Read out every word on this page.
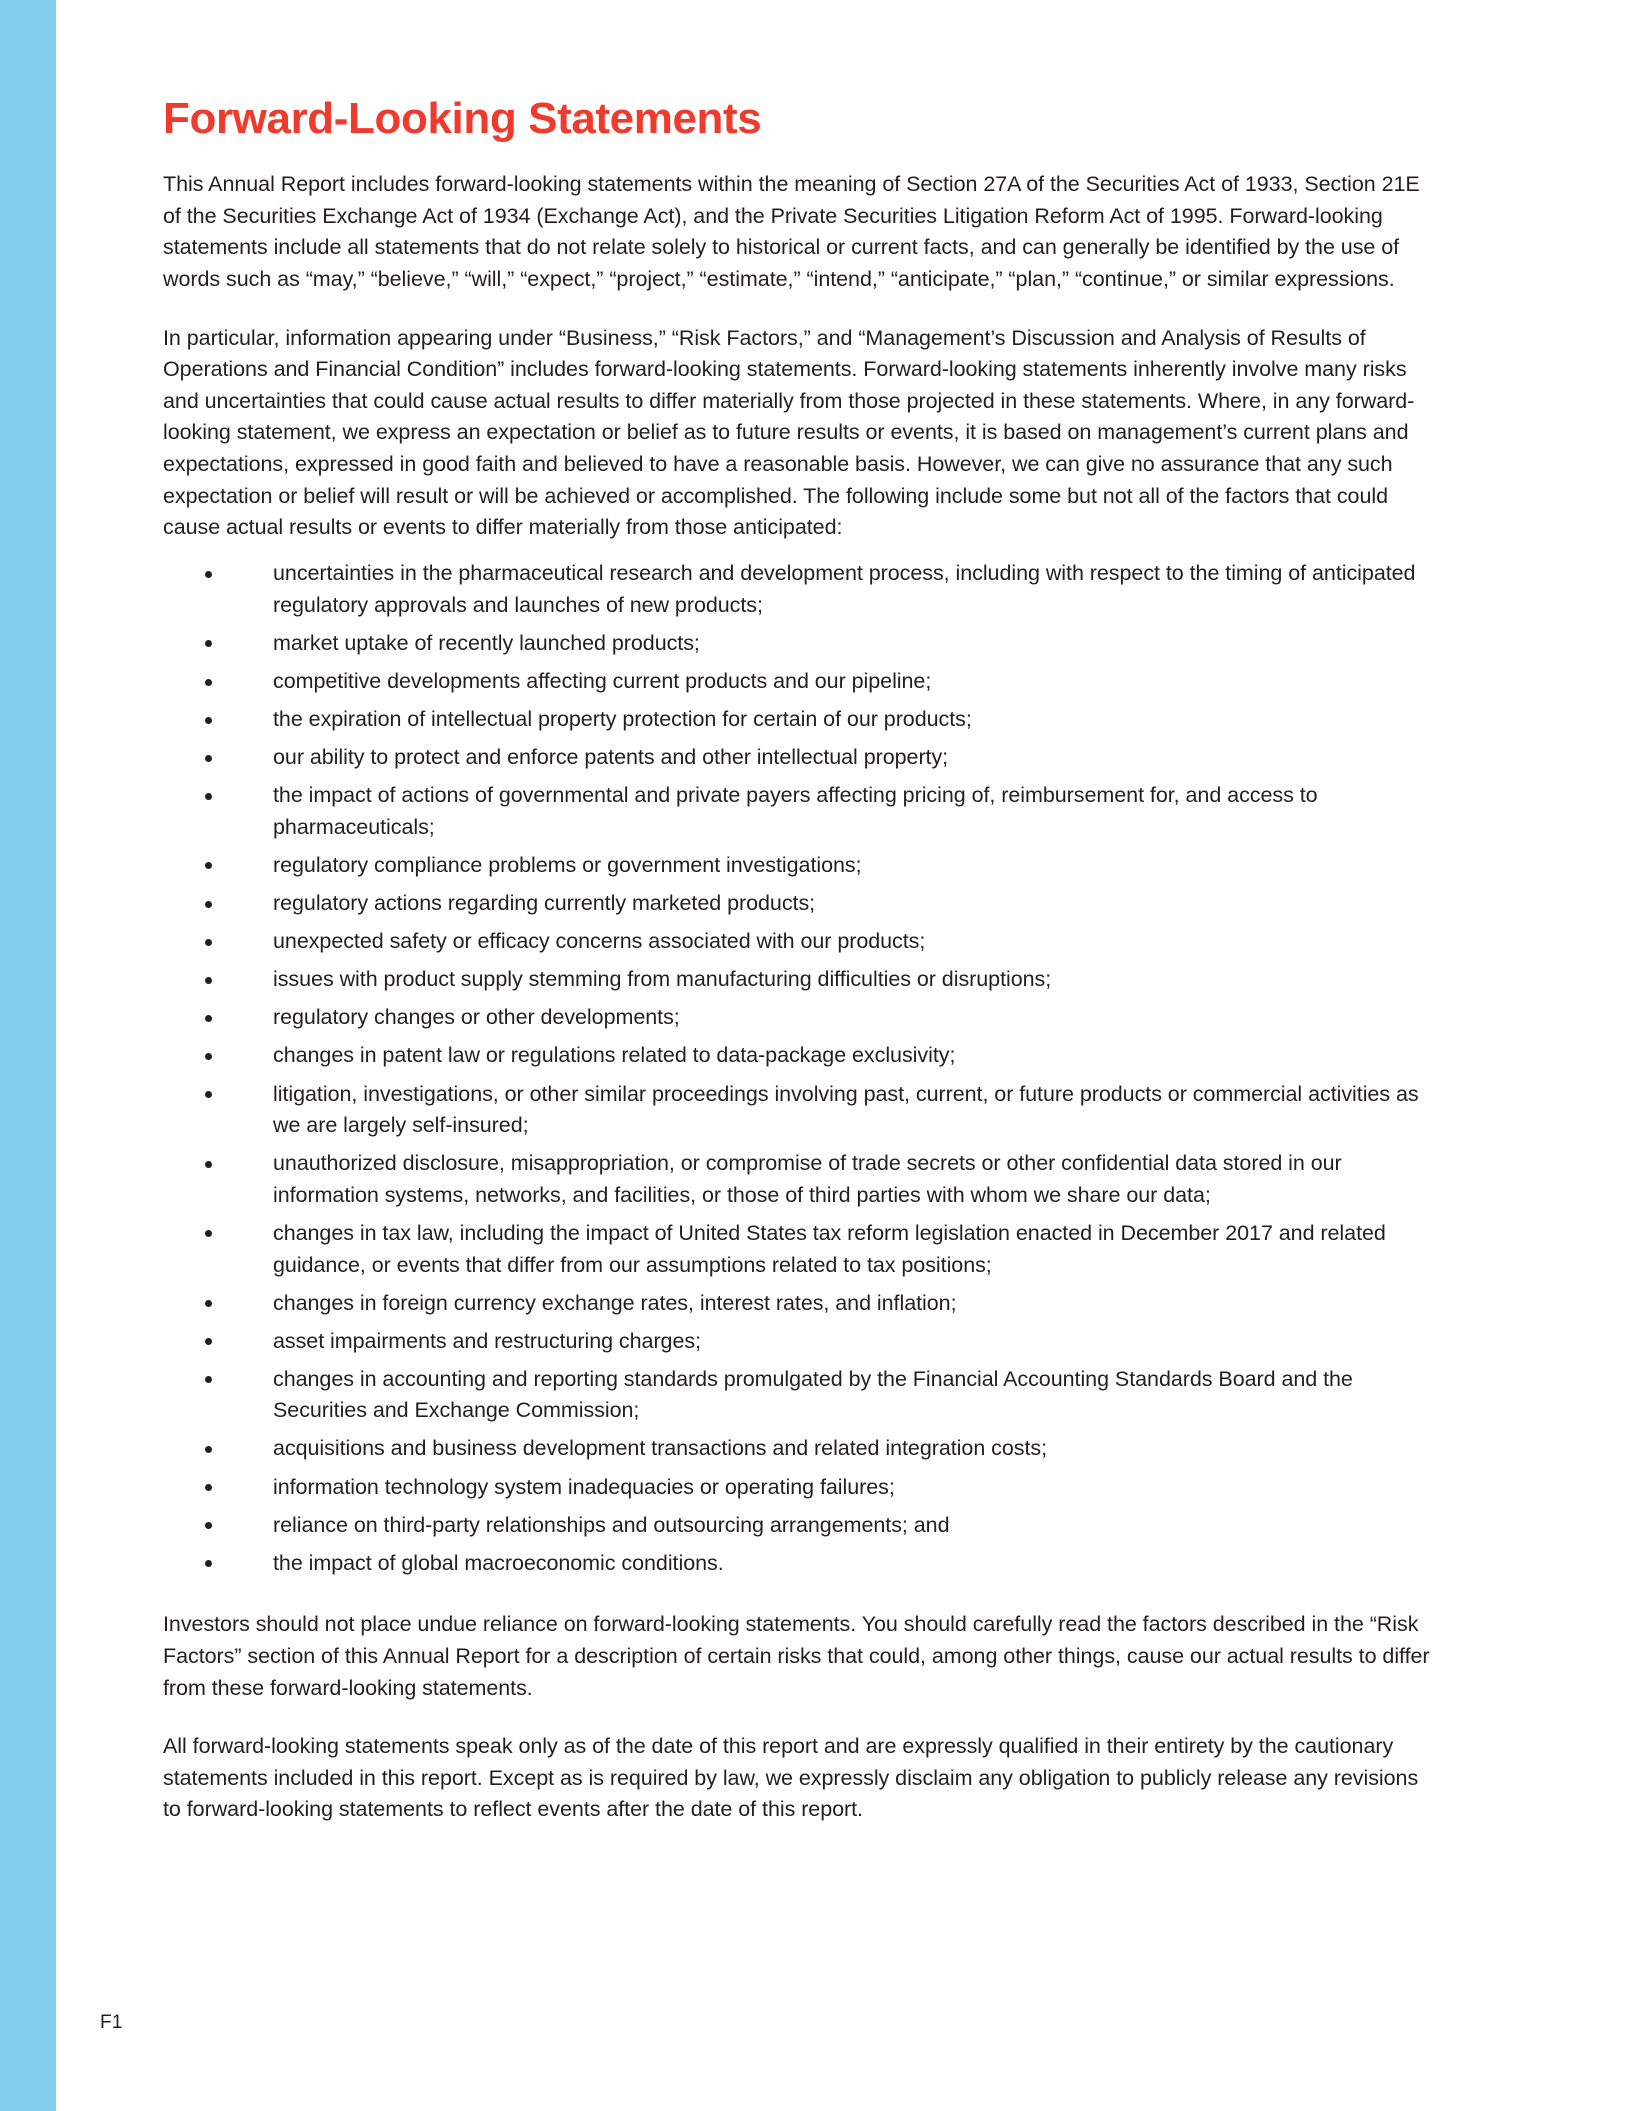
FINANCIAL REPORT	Forward-Looking Statements

This Annual Report includes forward-looking statements within the meaning of Section 27A of the Securities Act of 1933, Section 21E of the Securities Exchange Act of 1934 (Exchange Act), and the Private Securities Litigation Reform Act of 1995. Forward-looking statements include all statements that do not relate solely to historical or current facts, and can generally be identified by the use of words such as “may,” “believe,” “will,” “expect,” “project,” “estimate,” “intend,” “anticipate,” “plan,” “continue,” or similar expressions.

In particular, information appearing under “Business,” “Risk Factors,” and “Management’s Discussion and Analysis of Results of Operations and Financial Condition” includes forward-looking statements. Forward-looking statements inherently involve many risks and uncertainties that could cause actual results to differ materially from those projected in these statements. Where, in any forward-looking statement, we express an expectation or belief as to future results or events, it is based on management’s current plans and expectations, expressed in good faith and believed to have a reasonable basis. However, we can give no assurance that any such expectation or belief will result or will be achieved or accomplished. The following include some but not all of the factors that could cause actual results or events to differ materially from those anticipated:

uncertainties in the pharmaceutical research and development process, including with respect to the timing of anticipated regulatory approvals and launches of new products;
market uptake of recently launched products;
competitive developments affecting current products and our pipeline;
the expiration of intellectual property protection for certain of our products;
our ability to protect and enforce patents and other intellectual property;
the impact of actions of governmental and private payers affecting pricing of, reimbursement for, and access to pharmaceuticals;
regulatory compliance problems or government investigations;
regulatory actions regarding currently marketed products;
unexpected safety or efficacy concerns associated with our products;
issues with product supply stemming from manufacturing difficulties or disruptions;
regulatory changes or other developments;
changes in patent law or regulations related to data-package exclusivity;
litigation, investigations, or other similar proceedings involving past, current, or future products or commercial activities as we are largely self-insured;
unauthorized disclosure, misappropriation, or compromise of trade secrets or other confidential data stored in our information systems, networks, and facilities, or those of third parties with whom we share our data;
changes in tax law, including the impact of United States tax reform legislation enacted in December 2017 and related guidance, or events that differ from our assumptions related to tax positions;
changes in foreign currency exchange rates, interest rates, and inflation;
asset impairments and restructuring charges;
changes in accounting and reporting standards promulgated by the Financial Accounting Standards Board and the Securities and Exchange Commission;
acquisitions and business development transactions and related integration costs;
information technology system inadequacies or operating failures;
reliance on third-party relationships and outsourcing arrangements; and
the impact of global macroeconomic conditions.

Investors should not place undue reliance on forward-looking statements. You should carefully read the factors described in the “Risk Factors” section of this Annual Report for a description of certain risks that could, among other things, cause our actual results to differ from these forward-looking statements.

All forward-looking statements speak only as of the date of this report and are expressly qualified in their entirety by the cautionary statements included in this report. Except as is required by law, we expressly disclaim any obligation to publicly release any revisions to forward-looking statements to reflect events after the date of this report.

F1
